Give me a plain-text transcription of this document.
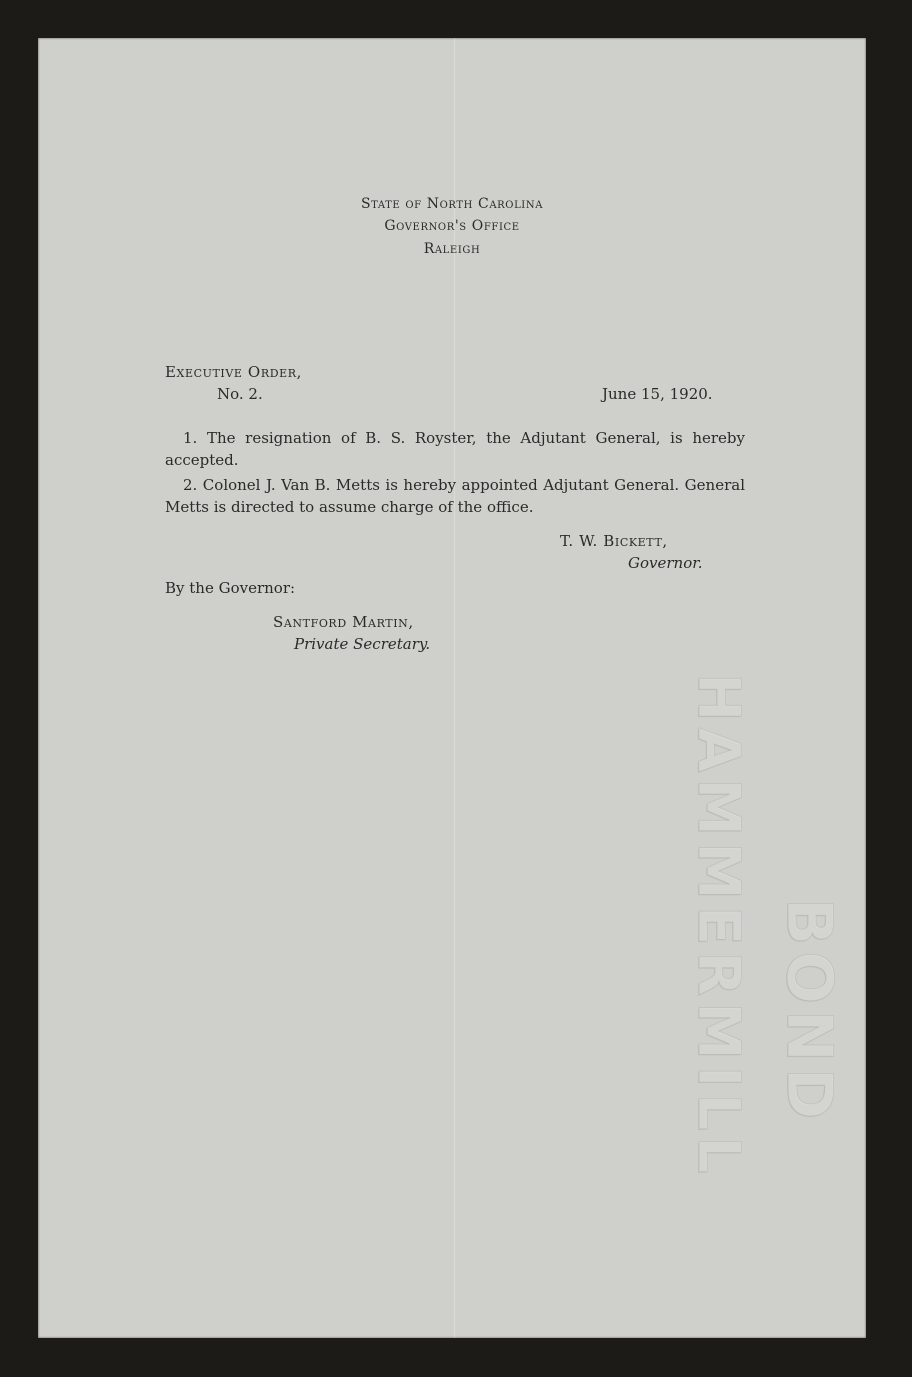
State of North Carolina
Governor's Office
Raleigh
Executive Order,
No. 2.	June 15, 1920.
1. The resignation of B. S. Royster, the Adjutant General, is hereby accepted.
2. Colonel J. Van B. Metts is hereby appointed Adjutant General. General Metts is directed to assume charge of the office.
T. W. Bickett,
Governor.
By the Governor:
Santford Martin,
Private Secretary.
HAMMERMILL BOND
